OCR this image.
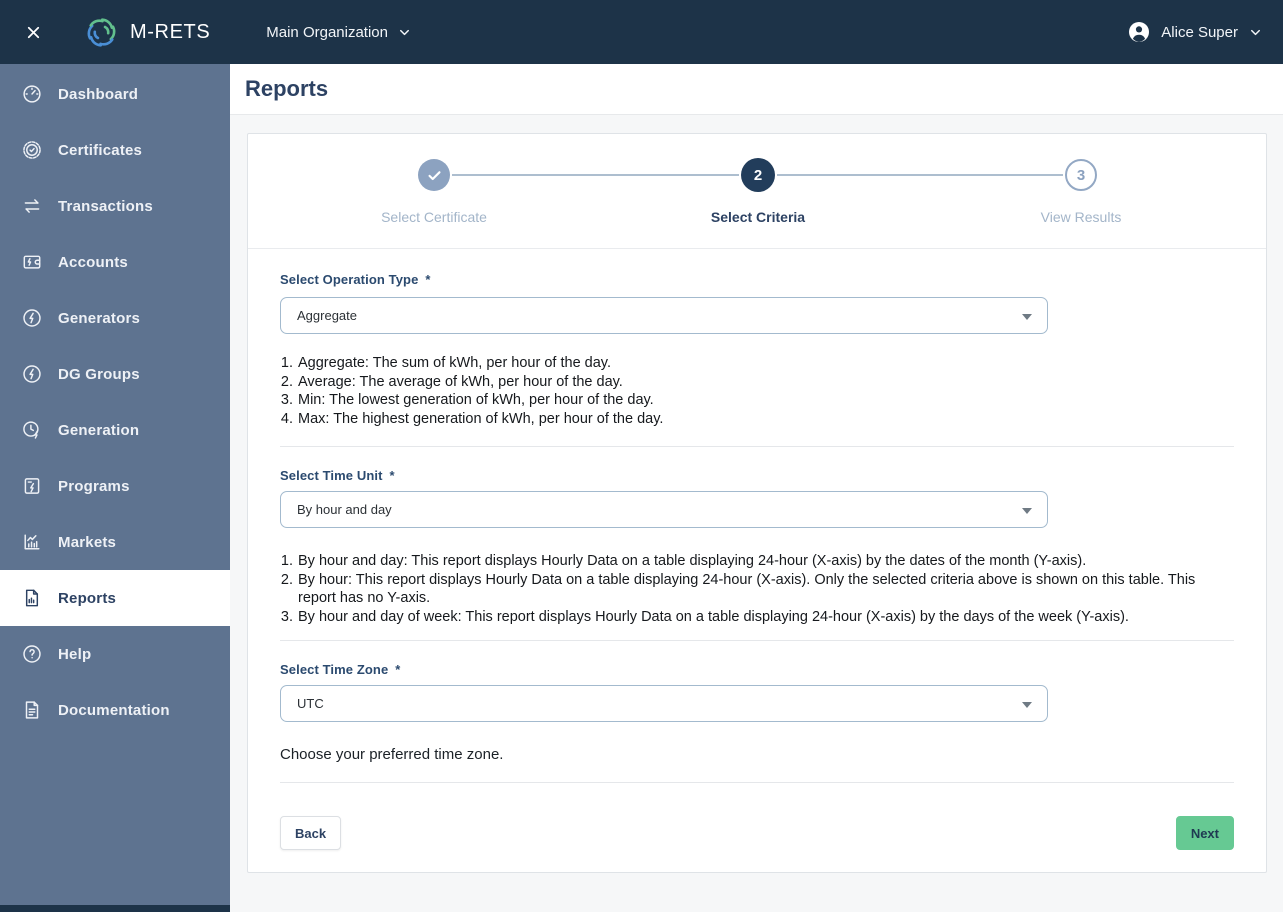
M-RETS	Main Organization	Alice Super
Dashboard
Certificates
Transactions
Accounts
Generators
DG Groups
Generation
Programs
Markets
Reports
Help
Documentation
Reports
2	3
Select Certificate	Select Criteria	View Results
Select Operation Type *
Aggregate
1. Aggregate: The sum of kWh, per hour of the day.
2. Average: The average of kWh, per hour of the day.
3. Min: The lowest generation of kWh, per hour of the day.
4. Max: The highest generation of kWh, per hour of the day.
Select Time Unit *
By hour and day
1. By hour and day: This report displays Hourly Data on a table displaying 24-hour (X-axis) by the dates of the month (Y-axis).
2. By hour: This report displays Hourly Data on a table displaying 24-hour (X-axis). Only the selected criteria above is shown on this table. This report has no Y-axis.
3. By hour and day of week: This report displays Hourly Data on a table displaying 24-hour (X-axis) by the days of the week (Y-axis).
Select Time Zone *
UTC
Choose your preferred time zone.
Back	Next
